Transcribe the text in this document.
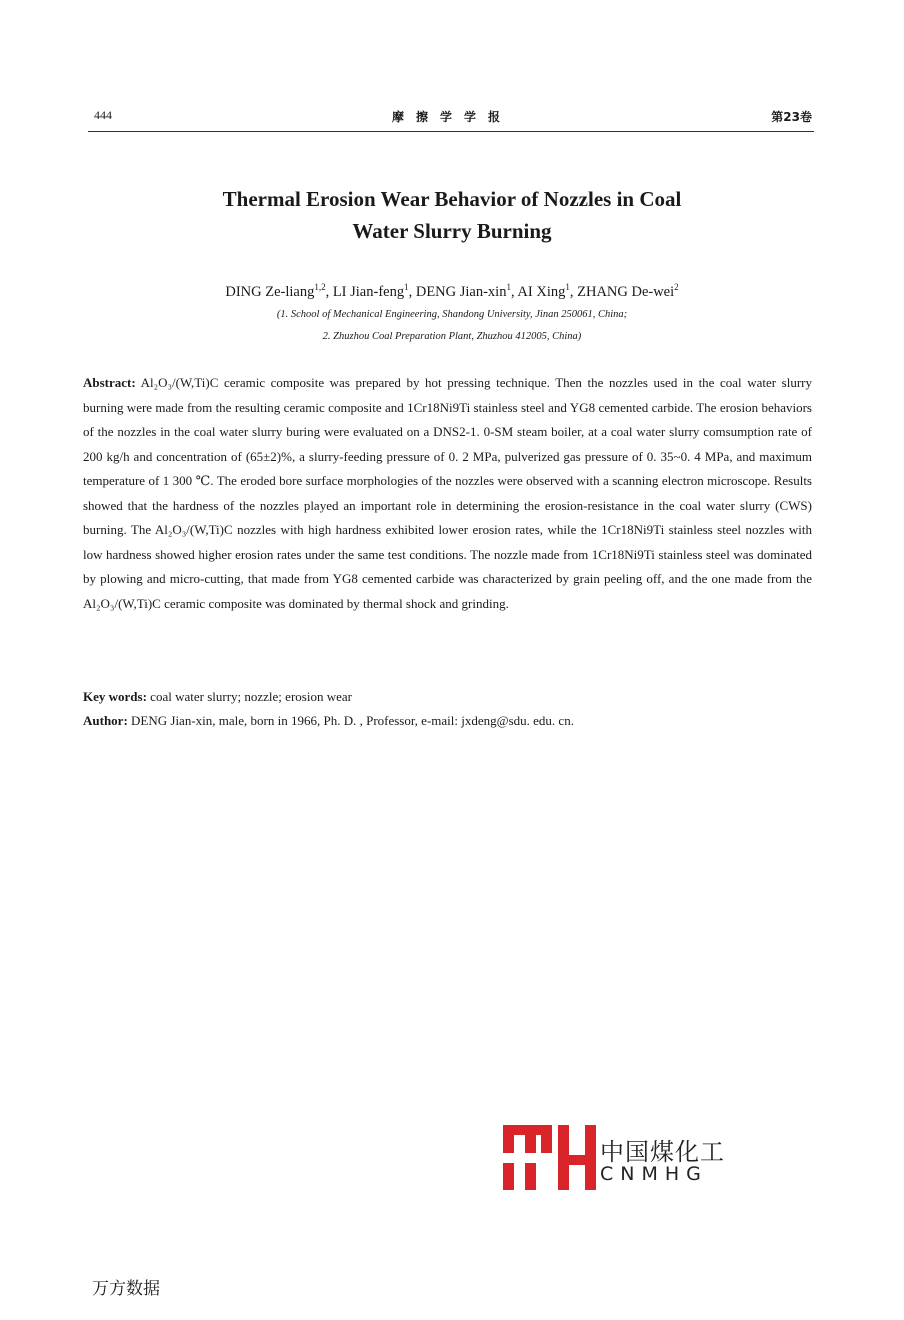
444	摩擦学学报	第23卷
Thermal Erosion Wear Behavior of Nozzles in Coal
Water Slurry Burning
DING Ze-liang$^{1,2}$, LI Jian-feng$^1$, DENG Jian-xin$^1$, AI Xing$^1$, ZHANG De-wei$^2$
(1. School of Mechanical Engineering, Shandong University, Jinan 250061, China;
2. Zhuzhou Coal Preparation Plant, Zhuzhou 412005, China)
Abstract: Al₂O₃/(W,Ti)C ceramic composite was prepared by hot pressing technique. Then the nozzles used in the coal water slurry burning were made from the resulting ceramic composite and 1Cr18Ni9Ti stainless steel and YG8 cemented carbide. The erosion behaviors of the nozzles in the coal water slurry buring were evaluated on a DNS2-1. 0-SM steam boiler, at a coal water slurry comsumption rate of 200 kg/h and concentration of (65±2)%, a slurry-feeding pressure of 0. 2 MPa, pulverized gas pressure of 0. 35~0. 4 MPa, and maximum temperature of 1 300 ℃. The eroded bore surface morphologies of the nozzles were observed with a scanning electron microscope. Results showed that the hardness of the nozzles played an important role in determining the erosion-resistance in the coal water slurry (CWS) burning. The Al₂O₃/(W,Ti)C nozzles with high hardness exhibited lower erosion rates, while the 1Cr18Ni9Ti stainless steel nozzles with low hardness showed higher erosion rates under the same test conditions. The nozzle made from 1Cr18Ni9Ti stainless steel was dominated by plowing and micro-cutting, that made from YG8 cemented carbide was characterized by grain peeling off, and the one made from the Al₂O₃/(W,Ti)C ceramic composite was dominated by thermal shock and grinding.
Key words: coal water slurry; nozzle; erosion wear
Author: DENG Jian-xin, male, born in 1966, Ph. D. , Professor, e-mail: jxdeng@sdu. edu. cn.
中国煤化工
CNMHG
万方数据
